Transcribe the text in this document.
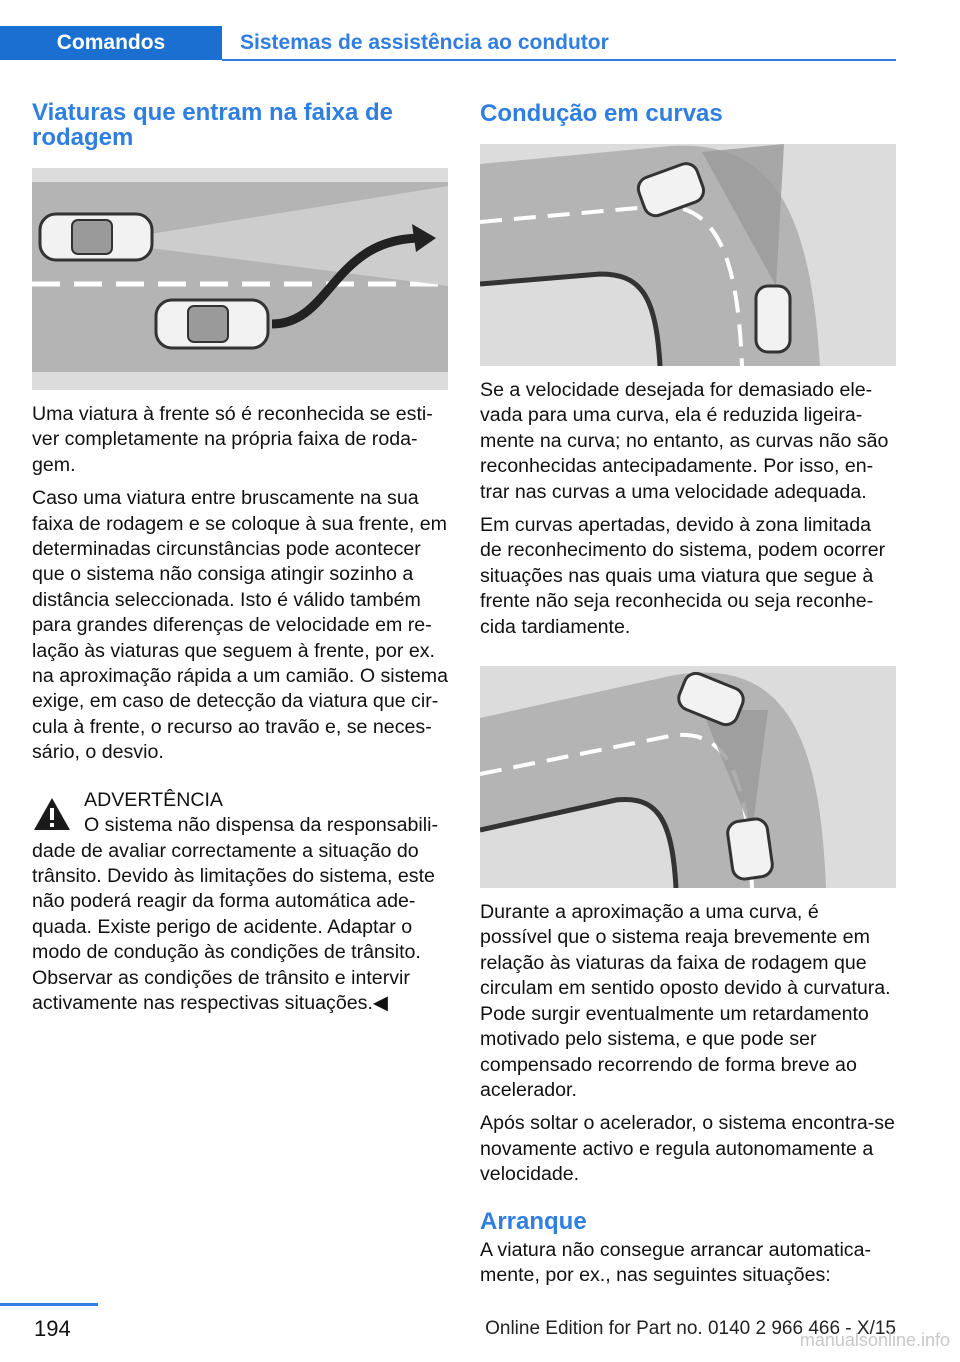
Comandos	Sistemas de assistência ao condutor
Viaturas que entram na faixa de rodagem

Uma viatura à frente só é reconhecida se estiver completamente na própria faixa de rodagem.

Caso uma viatura entre bruscamente na sua faixa de rodagem e se coloque à sua frente, em determinadas circunstâncias pode acontecer que o sistema não consiga atingir sozinho a distância seleccionada. Isto é válido também para grandes diferenças de velocidade em relação às viaturas que seguem à frente, por ex. na aproximação rápida a um camião. O sistema exige, em caso de detecção da viatura que circula à frente, o recurso ao travão e, se necessário, o desvio.

ADVERTÊNCIA

O sistema não dispensa da responsabilidade de avaliar correctamente a situação do trânsito. Devido às limitações do sistema, este não poderá reagir da forma automática adequada. Existe perigo de acidente. Adaptar o modo de condução às condições de trânsito. Observar as condições de trânsito e intervir activamente nas respectivas situações.◀

Condução em curvas

Se a velocidade desejada for demasiado elevada para uma curva, ela é reduzida ligeiramente na curva; no entanto, as curvas não são reconhecidas antecipadamente. Por isso, entrar nas curvas a uma velocidade adequada.

Em curvas apertadas, devido à zona limitada de reconhecimento do sistema, podem ocorrer situações nas quais uma viatura que segue à frente não seja reconhecida ou seja reconhecida tardiamente.

Durante a aproximação a uma curva, é possível que o sistema reaja brevemente em relação às viaturas da faixa de rodagem que circulam em sentido oposto devido à curvatura. Pode surgir eventualmente um retardamento motivado pelo sistema, e que pode ser compensado recorrendo de forma breve ao acelerador.

Após soltar o acelerador, o sistema encontra-se novamente activo e regula autonomamente a velocidade.

Arranque

A viatura não consegue arrancar automaticamente, por ex., nas seguintes situações:

194	Online Edition for Part no. 0140 2 966 466 - X/15
manualsonline.info
